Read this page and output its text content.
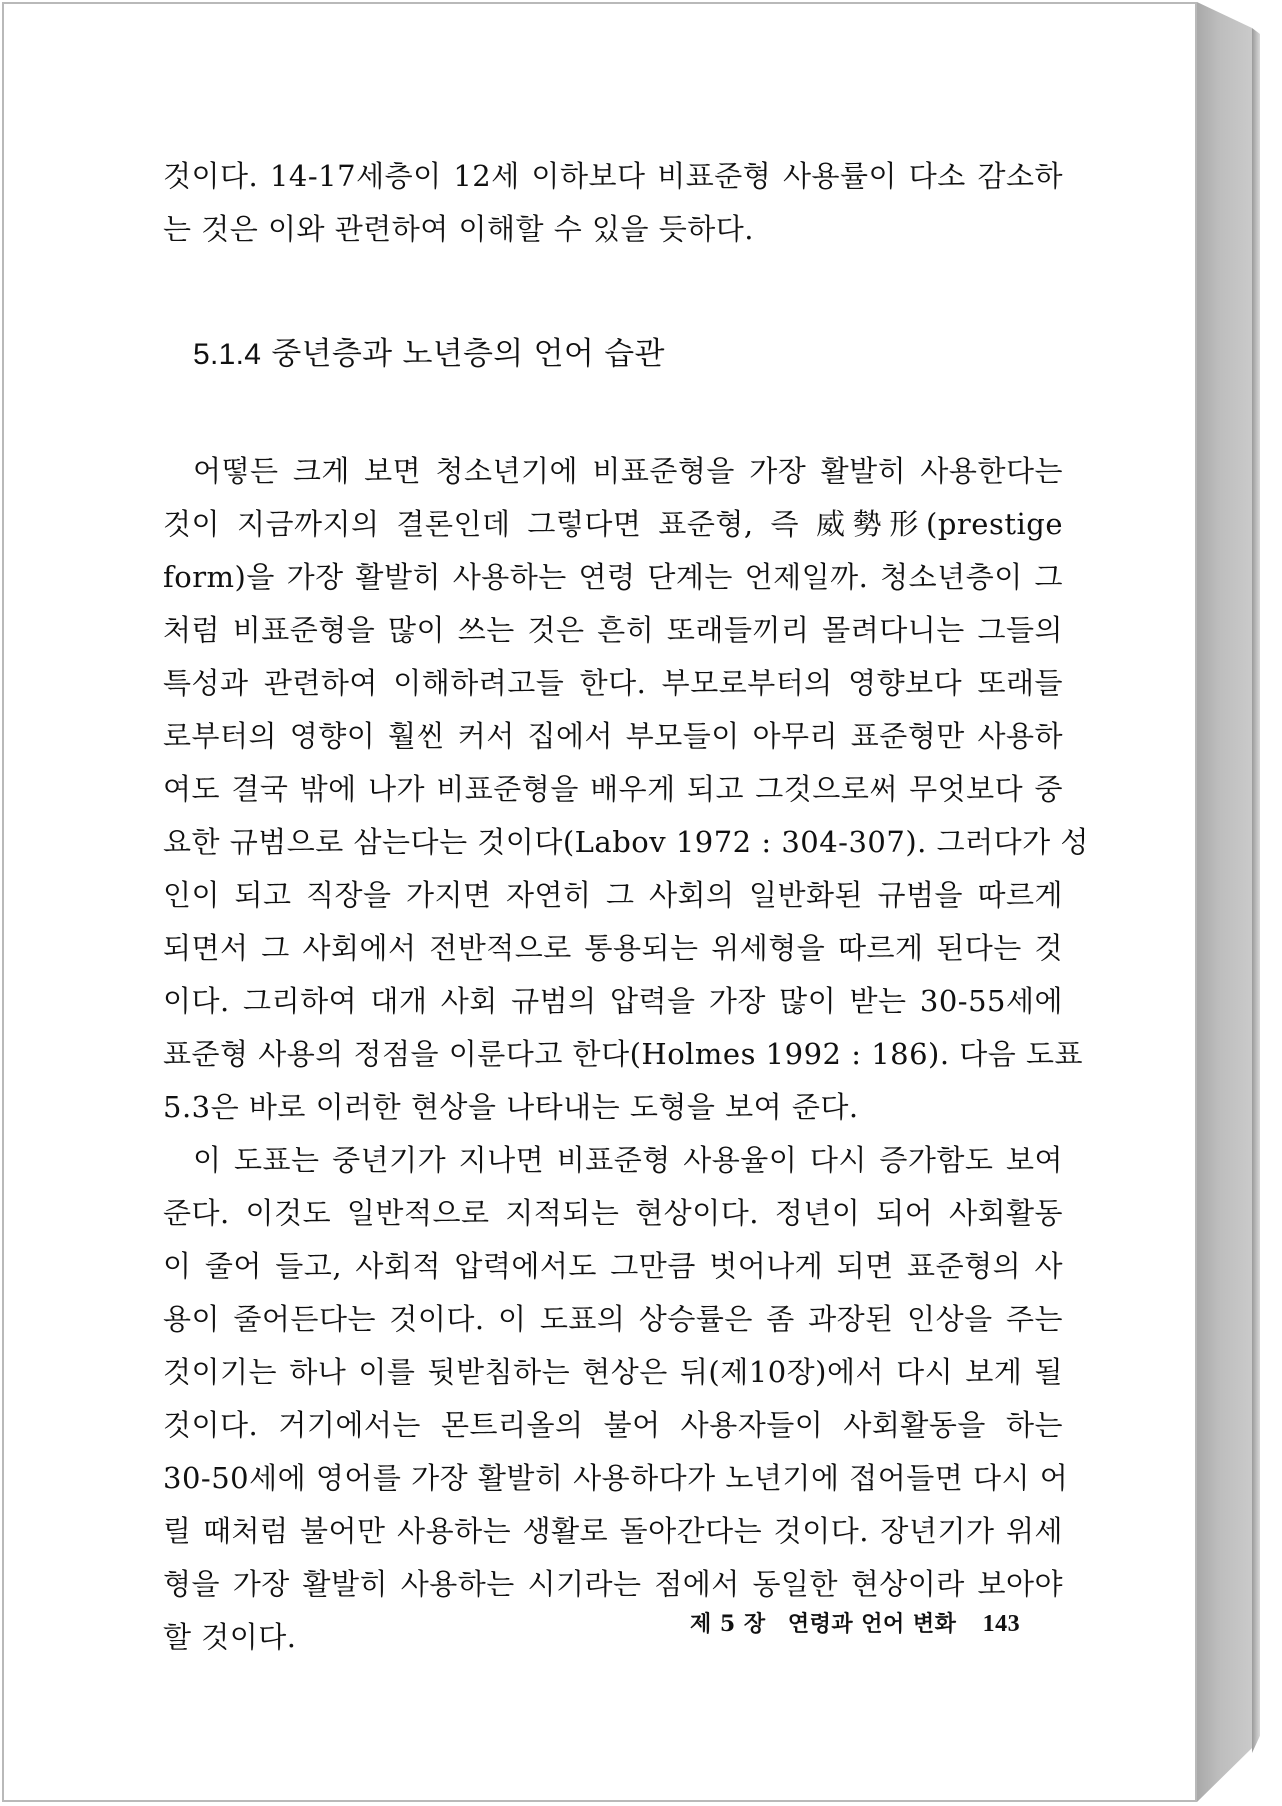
것이다. 14-17세층이 12세 이하보다 비표준형 사용률이 다소 감소하
는 것은 이와 관련하여 이해할 수 있을 듯하다.

5.1.4 중년층과 노년층의 언어 습관

어떻든 크게 보면 청소년기에 비표준형을 가장 활발히 사용한다는
것이 지금까지의 결론인데 그렇다면 표준형, 즉 威勢形(prestige
form)을 가장 활발히 사용하는 연령 단계는 언제일까. 청소년층이 그
처럼 비표준형을 많이 쓰는 것은 흔히 또래들끼리 몰려다니는 그들의
특성과 관련하여 이해하려고들 한다. 부모로부터의 영향보다 또래들
로부터의 영향이 훨씬 커서 집에서 부모들이 아무리 표준형만 사용하
여도 결국 밖에 나가 비표준형을 배우게 되고 그것으로써 무엇보다 중
요한 규범으로 삼는다는 것이다(Labov 1972 : 304-307). 그러다가 성
인이 되고 직장을 가지면 자연히 그 사회의 일반화된 규범을 따르게
되면서 그 사회에서 전반적으로 통용되는 위세형을 따르게 된다는 것
이다. 그리하여 대개 사회 규범의 압력을 가장 많이 받는 30-55세에
표준형 사용의 정점을 이룬다고 한다(Holmes 1992 : 186). 다음 도표
5.3은 바로 이러한 현상을 나타내는 도형을 보여 준다.

이 도표는 중년기가 지나면 비표준형 사용율이 다시 증가함도 보여
준다. 이것도 일반적으로 지적되는 현상이다. 정년이 되어 사회활동
이 줄어 들고, 사회적 압력에서도 그만큼 벗어나게 되면 표준형의 사
용이 줄어든다는 것이다. 이 도표의 상승률은 좀 과장된 인상을 주는
것이기는 하나 이를 뒷받침하는 현상은 뒤(제10장)에서 다시 보게 될
것이다. 거기에서는 몬트리올의 불어 사용자들이 사회활동을 하는
30-50세에 영어를 가장 활발히 사용하다가 노년기에 접어들면 다시 어
릴 때처럼 불어만 사용하는 생활로 돌아간다는 것이다. 장년기가 위세
형을 가장 활발히 사용하는 시기라는 점에서 동일한 현상이라 보아야
할 것이다.	제 5 장 연령과 언어 변화 143
